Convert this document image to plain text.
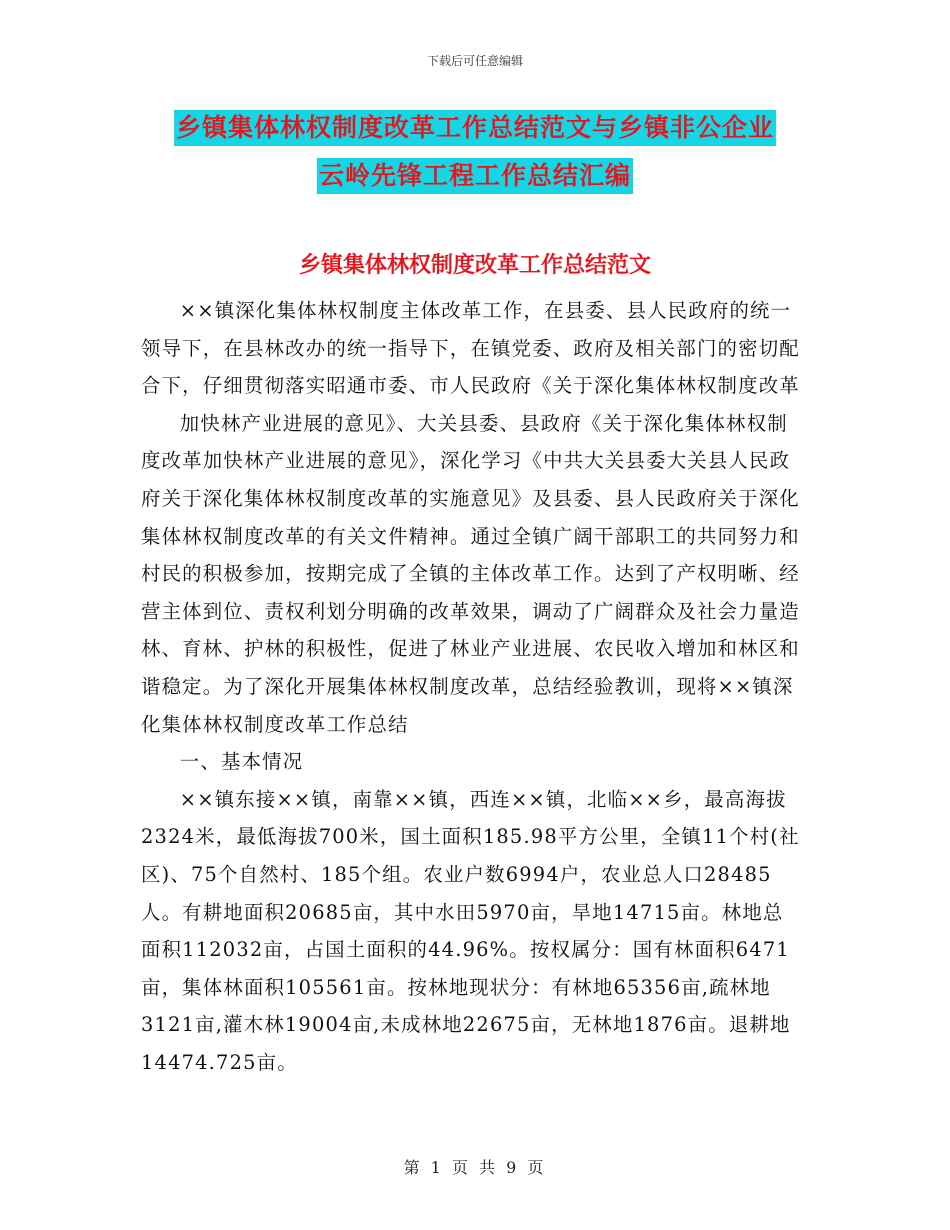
下载后可任意编辑
乡镇集体林权制度改革工作总结范文与乡镇非公企业
云岭先锋工程工作总结汇编
乡镇集体林权制度改革工作总结范文

××镇深化集体林权制度主体改革工作，在县委、县人民政府的统一领导下，在县林改办的统一指导下，在镇党委、政府及相关部门的密切配合下，仔细贯彻落实昭通市委、市人民政府《关于深化集体林权制度改革

加快林产业进展的意见》、大关县委、县政府《关于深化集体林权制度改革加快林产业进展的意见》，深化学习《中共大关县委大关县人民政府关于深化集体林权制度改革的实施意见》及县委、县人民政府关于深化集体林权制度改革的有关文件精神。通过全镇广阔干部职工的共同努力和村民的积极参加，按期完成了全镇的主体改革工作。达到了产权明晰、经营主体到位、责权利划分明确的改革效果，调动了广阔群众及社会力量造林、育林、护林的积极性，促进了林业产业进展、农民收入增加和林区和谐稳定。为了深化开展集体林权制度改革，总结经验教训，现将××镇深化集体林权制度改革工作总结

一、基本情况

××镇东接××镇，南靠××镇，西连××镇，北临××乡，最高海拔2324米，最低海拔700米，国土面积185.98平方公里，全镇11个村(社区)、75个自然村、185个组。农业户数6994户，农业总人口28485人。有耕地面积20685亩，其中水田5970亩，旱地14715亩。林地总面积112032亩，占国土面积的44.96%。按权属分：国有林面积6471亩，集体林面积105561亩。按林地现状分：有林地65356亩,疏林地3121亩,灌木林19004亩,未成林地22675亩，无林地1876亩。退耕地14474.725亩。

第 1 页 共 9 页
